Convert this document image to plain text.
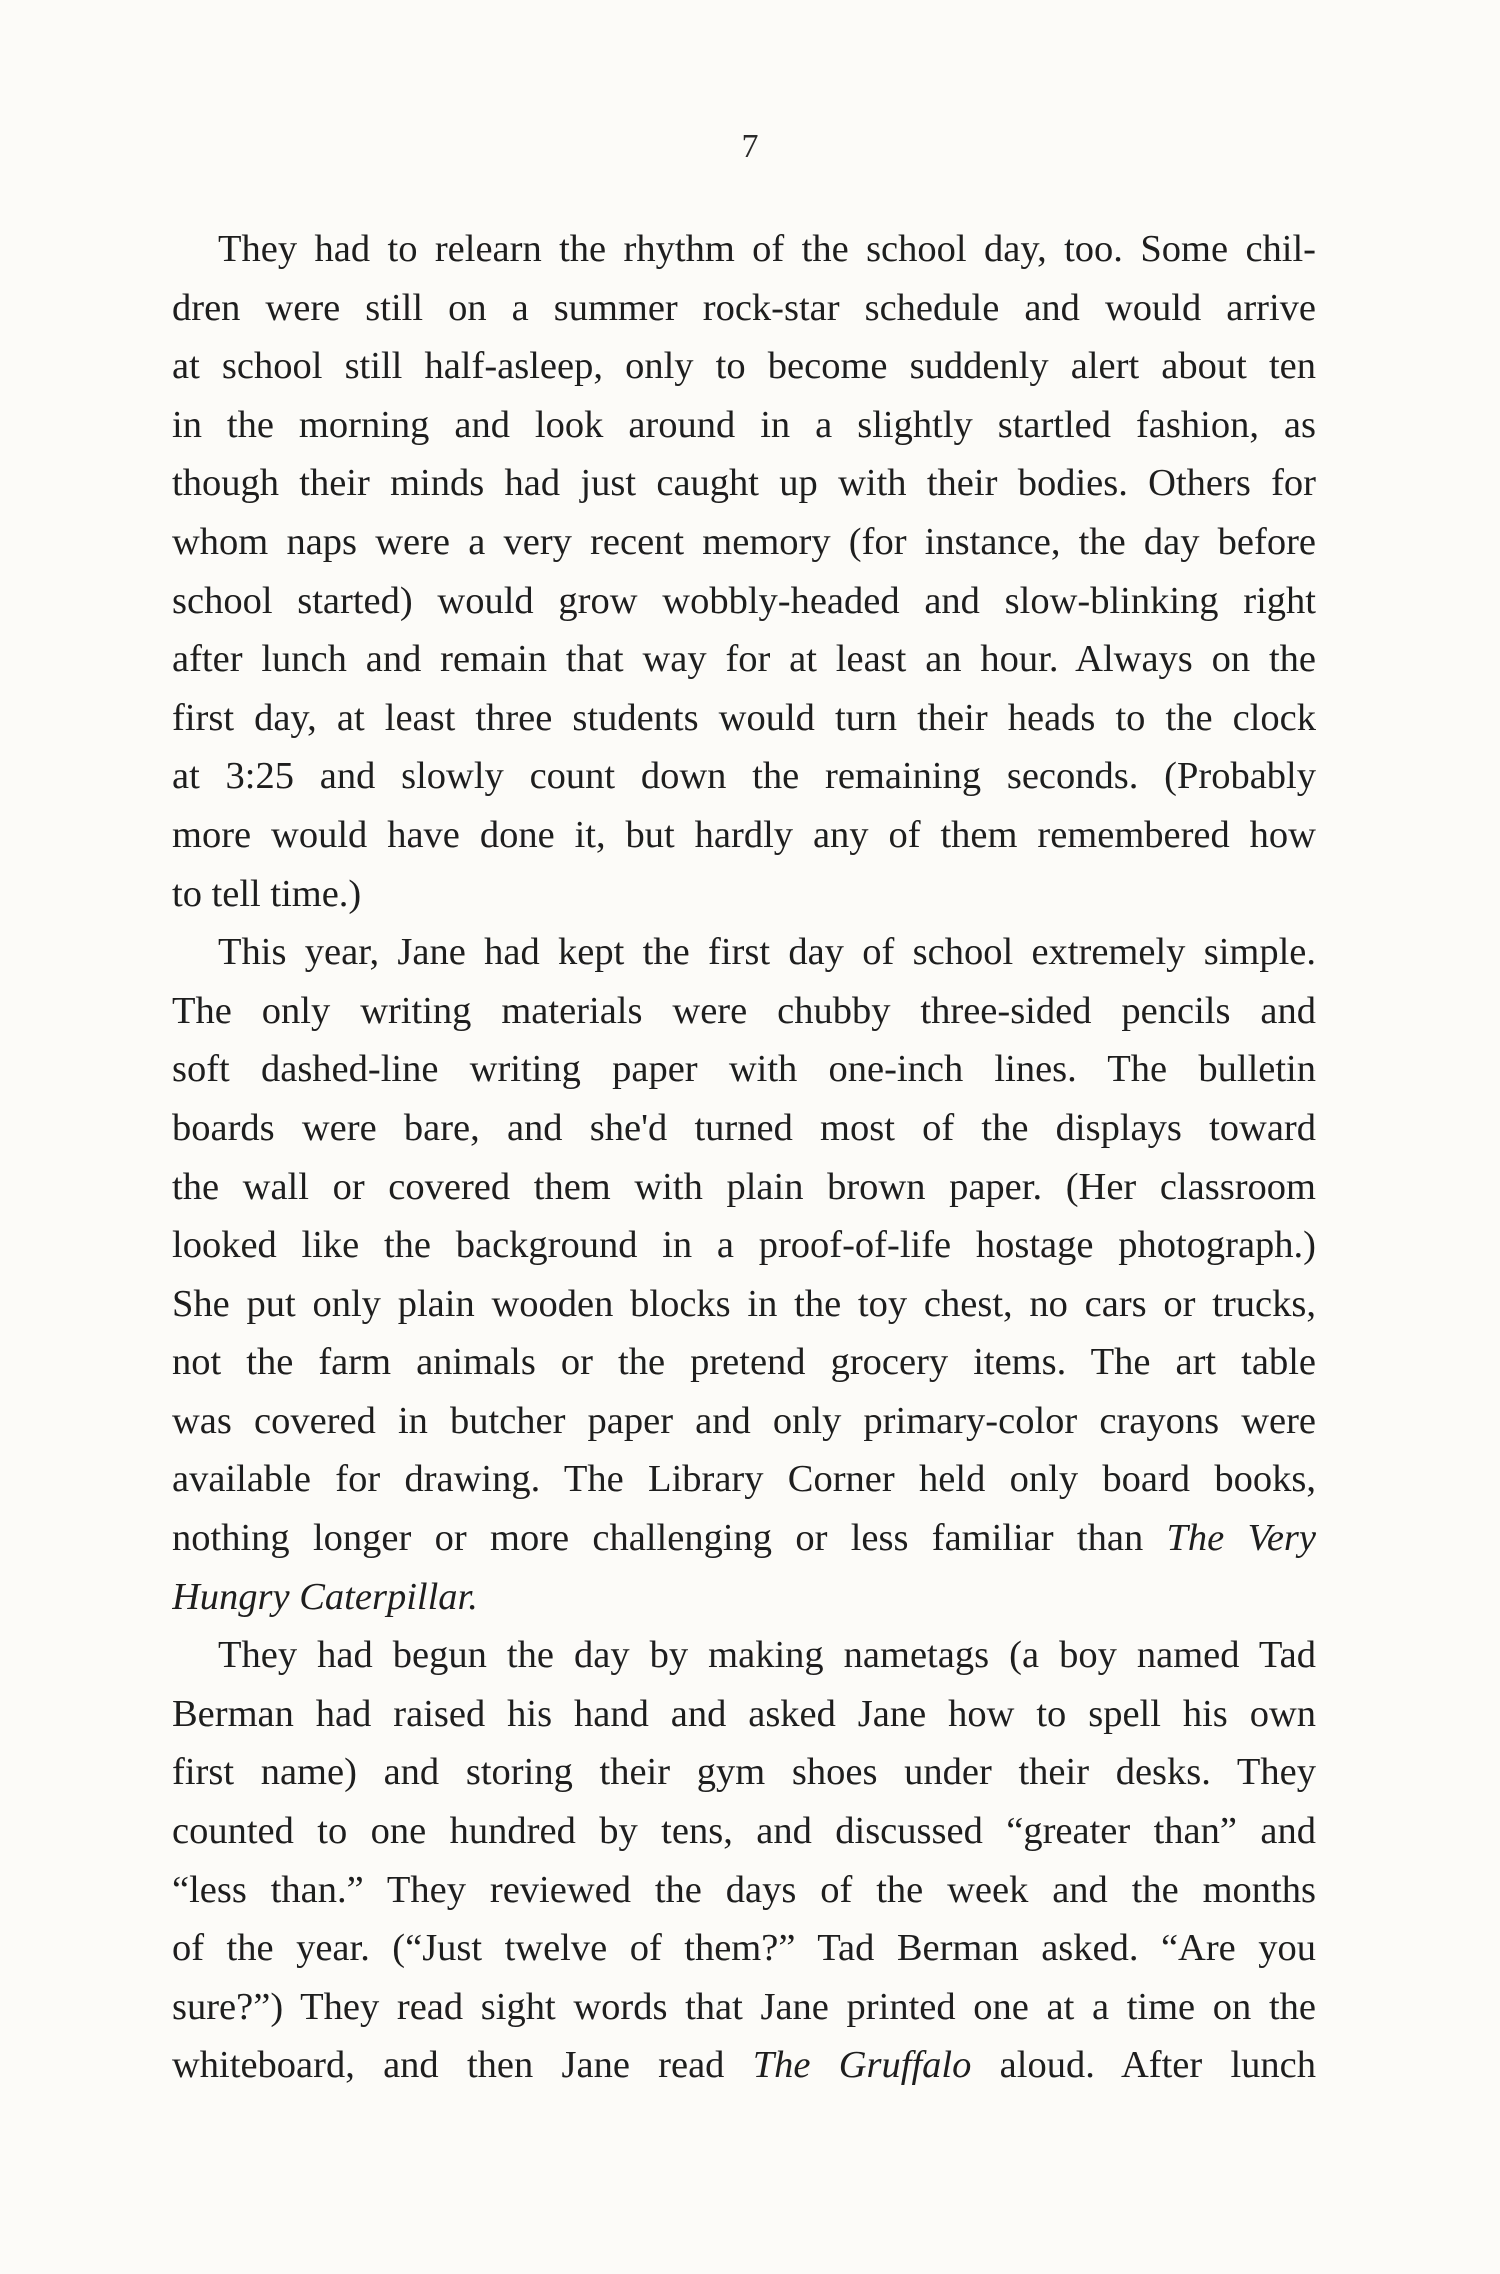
7
They had to relearn the rhythm of the school day, too. Some chil-
dren were still on a summer rock-star schedule and would arrive
at school still half-asleep, only to become suddenly alert about ten
in the morning and look around in a slightly startled fashion, as
though their minds had just caught up with their bodies. Others for
whom naps were a very recent memory (for instance, the day before
school started) would grow wobbly-headed and slow-blinking right
after lunch and remain that way for at least an hour. Always on the
first day, at least three students would turn their heads to the clock
at 3:25 and slowly count down the remaining seconds. (Probably
more would have done it, but hardly any of them remembered how
to tell time.)
This year, Jane had kept the first day of school extremely simple.
The only writing materials were chubby three-sided pencils and
soft dashed-line writing paper with one-inch lines. The bulletin
boards were bare, and she'd turned most of the displays toward
the wall or covered them with plain brown paper. (Her classroom
looked like the background in a proof-of-life hostage photograph.)
She put only plain wooden blocks in the toy chest, no cars or trucks,
not the farm animals or the pretend grocery items. The art table
was covered in butcher paper and only primary-color crayons were
available for drawing. The Library Corner held only board books,
nothing longer or more challenging or less familiar than The Very
Hungry Caterpillar.
They had begun the day by making nametags (a boy named Tad
Berman had raised his hand and asked Jane how to spell his own
first name) and storing their gym shoes under their desks. They
counted to one hundred by tens, and discussed “greater than” and
“less than.” They reviewed the days of the week and the months
of the year. (“Just twelve of them?” Tad Berman asked. “Are you
sure?”) They read sight words that Jane printed one at a time on the
whiteboard, and then Jane read The Gruffalo aloud. After lunch
